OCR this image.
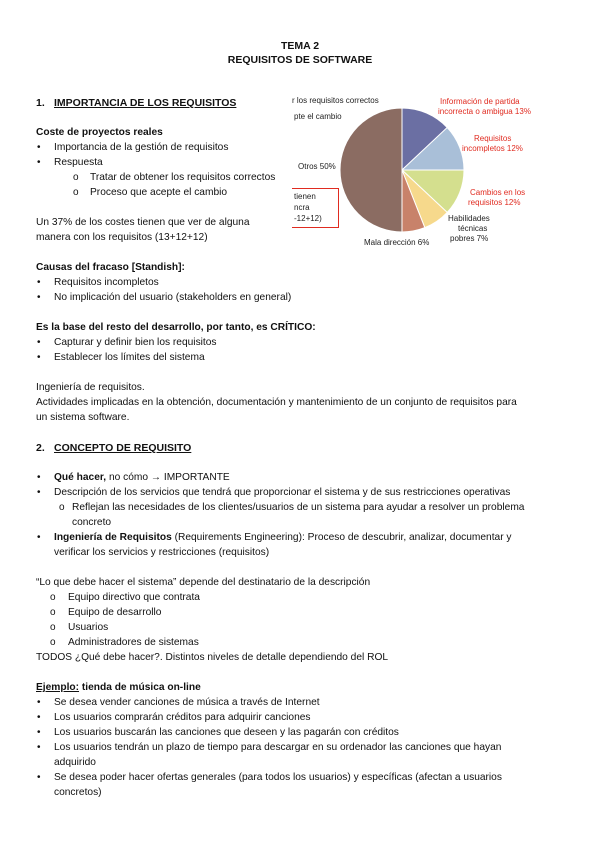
TEMA 2
REQUISITOS DE SOFTWARE
1. IMPORTANCIA DE LOS REQUISITOS
Coste de proyectos reales
• Importancia de la gestión de requisitos
• Respuesta
o Tratar de obtener los requisitos correctos
o Proceso que acepte el cambio
Un 37% de los costes tienen que ver de alguna
manera con los requisitos (13+12+12)
Causas del fracaso [Standish]:
• Requisitos incompletos
• No implicación del usuario (stakeholders en general)
Es la base del resto del desarrollo, por tanto, es CRÍTICO:
• Capturar y definir bien los requisitos
• Establecer los límites del sistema
Ingeniería de requisitos.
Actividades implicadas en la obtención, documentación y mantenimiento de un conjunto de requisitos para
un sistema software.
r los requisitos correctos
pte el cambio
Otros 50%
tienen
ncra
-12+12)
Información de partida
incorrecta o ambigua 13%
Requisitos
incompletos 12%
Cambios en los
requisitos 12%
Habilidades
técnicas
pobres 7%
Mala dirección 6%
2. CONCEPTO DE REQUISITO
• Qué hacer, no cómo → IMPORTANTE
• Descripción de los servicios que tendrá que proporcionar el sistema y de sus restricciones operativas
o Reflejan las necesidades de los clientes/usuarios de un sistema para ayudar a resolver un problema
concreto
• Ingeniería de Requisitos (Requirements Engineering): Proceso de descubrir, analizar, documentar y
verificar los servicios y restricciones (requisitos)
“Lo que debe hacer el sistema” depende del destinatario de la descripción
o Equipo directivo que contrata
o Equipo de desarrollo
o Usuarios
o Administradores de sistemas
TODOS ¿Qué debe hacer?. Distintos niveles de detalle dependiendo del ROL
Ejemplo: tienda de música on-line
• Se desea vender canciones de música a través de Internet
• Los usuarios comprarán créditos para adquirir canciones
• Los usuarios buscarán las canciones que deseen y las pagarán con créditos
• Los usuarios tendrán un plazo de tiempo para descargar en su ordenador las canciones que hayan
adquirido
• Se desea poder hacer ofertas generales (para todos los usuarios) y específicas (afectan a usuarios
concretos)
